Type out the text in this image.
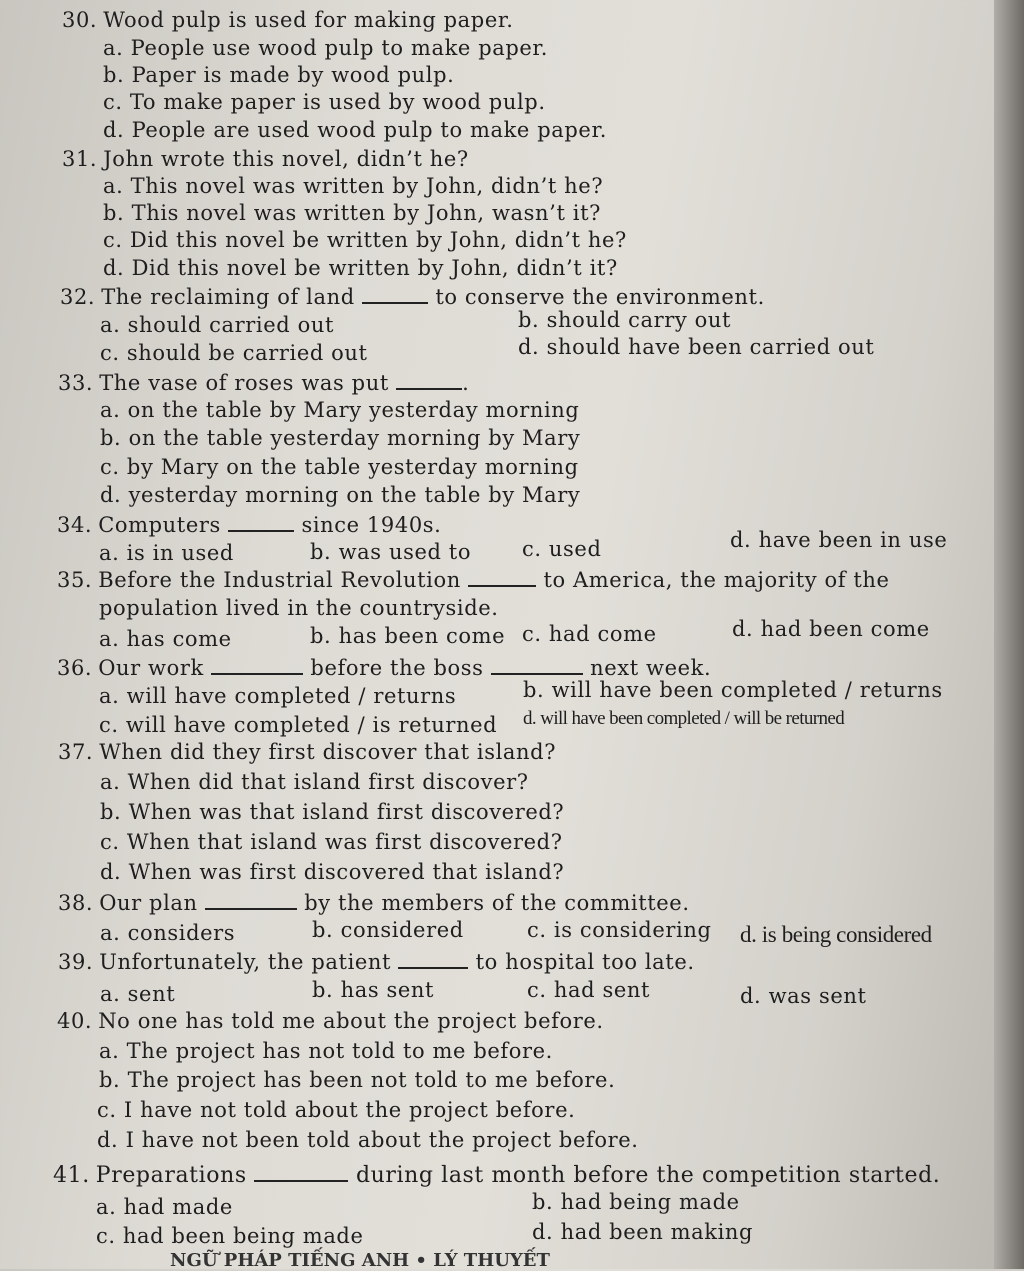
30. Wood pulp is used for making paper.
a. People use wood pulp to make paper.
b. Paper is made by wood pulp.
c. To make paper is used by wood pulp.
d. People are used wood pulp to make paper.
31. John wrote this novel, didn’t he?
a. This novel was written by John, didn’t he?
b. This novel was written by John, wasn’t it?
c. Did this novel be written by John, didn’t he?
d. Did this novel be written by John, didn’t it?
32. The reclaiming of land	to conserve the environment.
a. should carried out	b. should carry out
c. should be carried out	d. should have been carried out
33. The vase of roses was put	.
a. on the table by Mary yesterday morning
b. on the table yesterday morning by Mary
c. by Mary on the table yesterday morning
d. yesterday morning on the table by Mary
34. Computers	since 1940s.
a. is in used	b. was used to c. used	d. have been in use
35. Before the Industrial Revolution	to America, the majority of the
population lived in the countryside.
a. has come	b. has been come c. had come	d. had been come
36. Our work	before the boss	next week.
a. will have completed / returns	b. will have been completed / returns
c. will have completed / is returned d. will have been completed / will be returned
37. When did they first discover that island?
a. When did that island first discover?
b. When was that island first discovered?
c. When that island was first discovered?
d. When was first discovered that island?
38. Our plan	by the members of the committee.
a. considers	b. considered	c. is considering d. is being considered
39. Unfortunately, the patient	to hospital too late.
a. sent	b. has sent	c. had sent	d. was sent
40. No one has told me about the project before.
a. The project has not told to me before.
b. The project has been not told to me before.
c. I have not told about the project before.
d. I have not been told about the project before.
41. Preparations	during last month before the competition started.
a. had made	b. had being made
c. had been being made	d. had been making
NGỮ PHÁP TIẾNG ANH • LÝ THUYẾT
